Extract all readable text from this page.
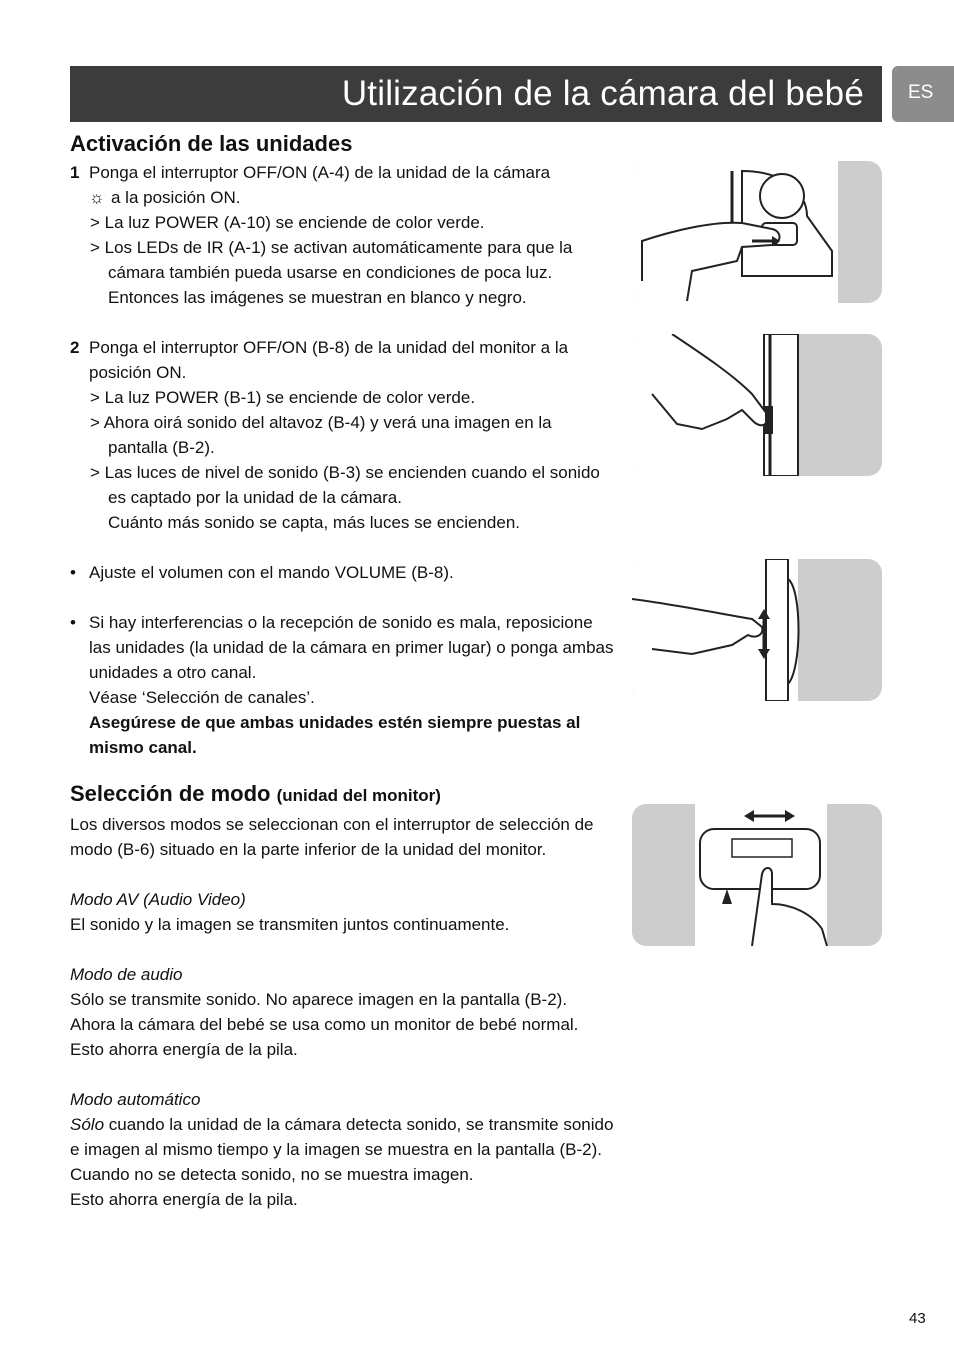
Utilización de la cámara del bebé ES
Activación de las unidades

1 Ponga el interruptor OFF/ON (A-4) de la unidad de la cámara

☼ a la posición ON.

> La luz POWER (A-10) se enciende de color verde.

> Los LEDs de IR (A-1) se activan automáticamente para que la cámara también pueda usarse en condiciones de poca luz. Entonces las imágenes se muestran en blanco y negro.

2 Ponga el interruptor OFF/ON (B-8) de la unidad del monitor a la posición ON.

> La luz POWER (B-1) se enciende de color verde.

> Ahora oirá sonido del altavoz (B-4) y verá una imagen en la pantalla (B-2).

> Las luces de nivel de sonido (B-3) se encienden cuando el sonido es captado por la unidad de la cámara.

Cuánto más sonido se capta, más luces se encienden.

• Ajuste el volumen con el mando VOLUME (B-8).

• Si hay interferencias o la recepción de sonido es mala, reposicione las unidades (la unidad de la cámara en primer lugar) o ponga ambas unidades a otro canal.

Véase ‘Selección de canales’.

Asegúrese de que ambas unidades estén siempre puestas al mismo canal.

Selección de modo (unidad del monitor)

Los diversos modos se seleccionan con el interruptor de selección de modo (B-6) situado en la parte inferior de la unidad del monitor.

Modo AV (Audio Video)

El sonido y la imagen se transmiten juntos continuamente.

Modo de audio

Sólo se transmite sonido. No aparece imagen en la pantalla (B-2). Ahora la cámara del bebé se usa como un monitor de bebé normal. Esto ahorra energía de la pila.

Modo automático

Sólo cuando la unidad de la cámara detecta sonido, se transmite sonido e imagen al mismo tiempo y la imagen se muestra en la pantalla (B-2).

Cuando no se detecta sonido, no se muestra imagen.

Esto ahorra energía de la pila.

43
